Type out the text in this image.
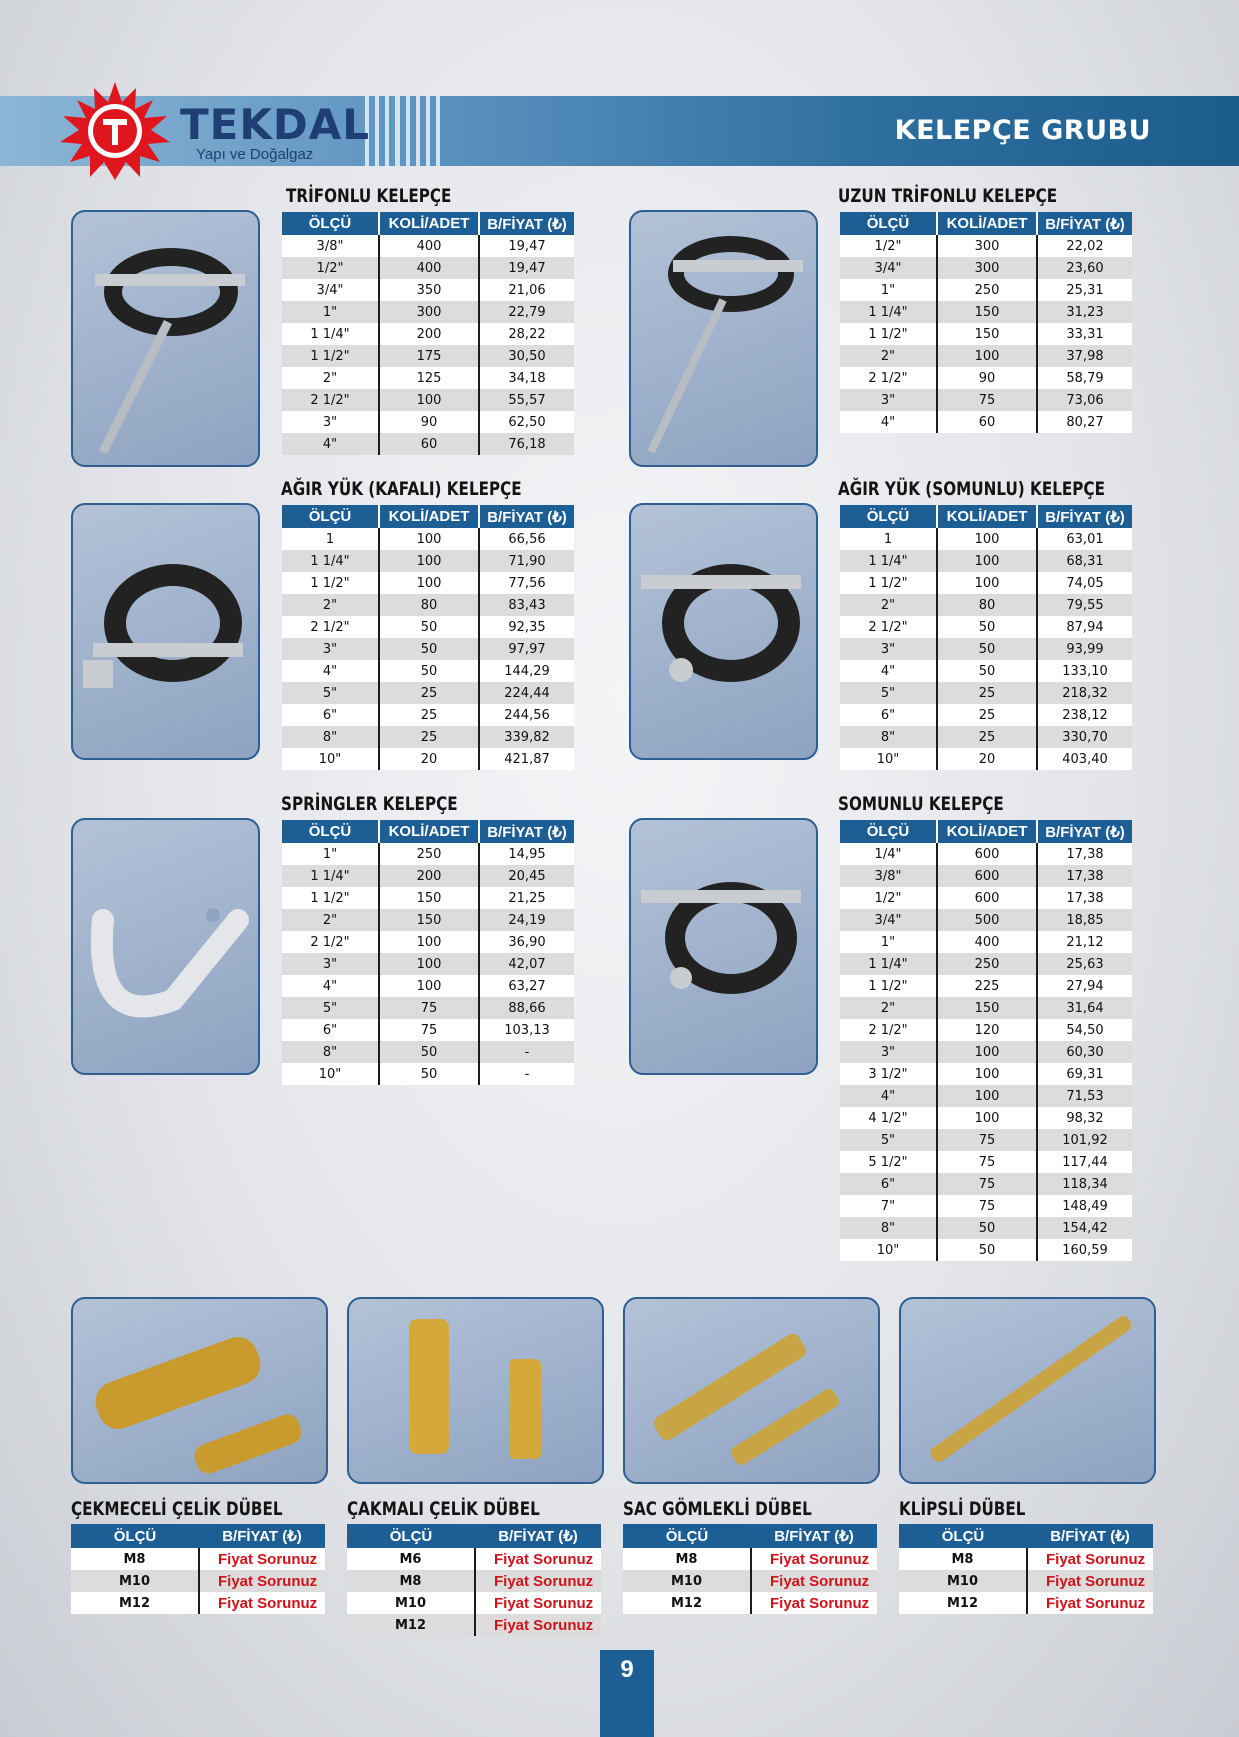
TEKDAL
Yapı ve Doğalgaz
KELEPÇE GRUBU
TRİFONLU KELEPÇE	UZUN TRİFONLU KELEPÇE
AĞIR YÜK (KAFALI) KELEPÇE	AĞIR YÜK (SOMUNLU) KELEPÇE
SPRİNGLER KELEPÇE	SOMUNLU KELEPÇE
ÖLÇÜ	KOLİ/ADET	B/FİYAT (₺)
3/8"	400	19,47
1/2"	400	19,47
3/4"	350	21,06
1"	300	22,79
1 1/4"	200	28,22
1 1/2"	175	30,50
2"	125	34,18
2 1/2"	100	55,57
3"	90	62,50
4"	60	76,18
ÖLÇÜ	KOLİ/ADET	B/FİYAT (₺)
1/2"	300	22,02
3/4"	300	23,60
1"	250	25,31
1 1/4"	150	31,23
1 1/2"	150	33,31
2"	100	37,98
2 1/2"	90	58,79
3"	75	73,06
4"	60	80,27
ÖLÇÜ	KOLİ/ADET	B/FİYAT (₺)
1	100	66,56
1 1/4"	100	71,90
1 1/2"	100	77,56
2"	80	83,43
2 1/2"	50	92,35
3"	50	97,97
4"	50	144,29
5"	25	224,44
6"	25	244,56
8"	25	339,82
10"	20	421,87
ÖLÇÜ	KOLİ/ADET	B/FİYAT (₺)
1	100	63,01
1 1/4"	100	68,31
1 1/2"	100	74,05
2"	80	79,55
2 1/2"	50	87,94
3"	50	93,99
4"	50	133,10
5"	25	218,32
6"	25	238,12
8"	25	330,70
10"	20	403,40
ÖLÇÜ	KOLİ/ADET	B/FİYAT (₺)
1"	250	14,95
1 1/4"	200	20,45
1 1/2"	150	21,25
2"	150	24,19
2 1/2"	100	36,90
3"	100	42,07
4"	100	63,27
5"	75	88,66
6"	75	103,13
8"	50	-
10"	50	-
ÖLÇÜ	KOLİ/ADET	B/FİYAT (₺)
1/4"	600	17,38
3/8"	600	17,38
1/2"	600	17,38
3/4"	500	18,85
1"	400	21,12
1 1/4"	250	25,63
1 1/2"	225	27,94
2"	150	31,64
2 1/2"	120	54,50
3"	100	60,30
3 1/2"	100	69,31
4"	100	71,53
4 1/2"	100	98,32
5"	75	101,92
5 1/2"	75	117,44
6"	75	118,34
7"	75	148,49
8"	50	154,42
10"	50	160,59
ÇEKMECELİ ÇELİK DÜBEL	ÇAKMALI ÇELİK DÜBEL	SAC GÖMLEKLİ DÜBEL	KLİPSLİ DÜBEL
ÖLÇÜ	B/FİYAT (₺)
M8	Fiyat Sorunuz
M10	Fiyat Sorunuz
M12	Fiyat Sorunuz
ÖLÇÜ	B/FİYAT (₺)
M6	Fiyat Sorunuz
M8	Fiyat Sorunuz
M10	Fiyat Sorunuz
M12	Fiyat Sorunuz
ÖLÇÜ	B/FİYAT (₺)
M8	Fiyat Sorunuz
M10	Fiyat Sorunuz
M12	Fiyat Sorunuz
ÖLÇÜ	B/FİYAT (₺)
M8	Fiyat Sorunuz
M10	Fiyat Sorunuz
M12	Fiyat Sorunuz
9
